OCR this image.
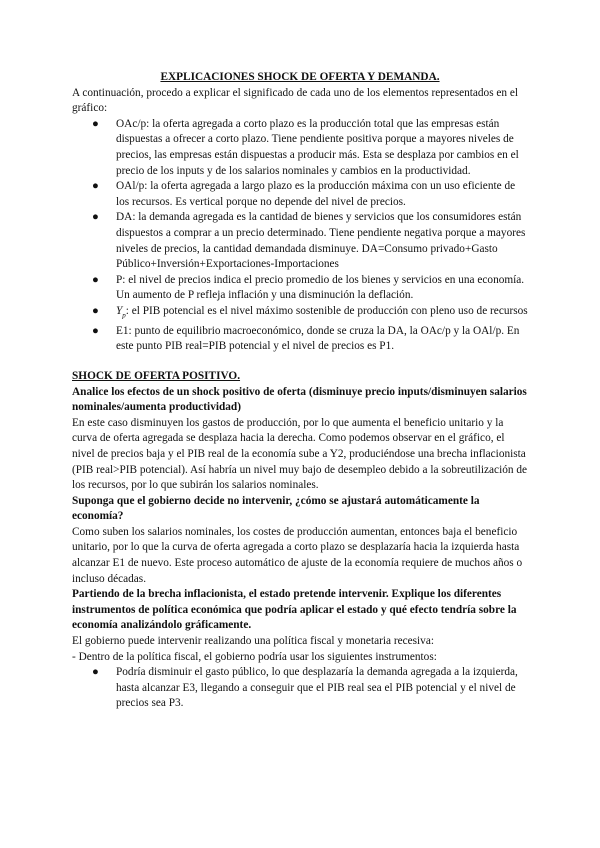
EXPLICACIONES SHOCK DE OFERTA Y DEMANDA.

A continuación, procedo a explicar el significado de cada uno de los elementos representados en el gráfico:

● OAc/p: la oferta agregada a corto plazo es la producción total que las empresas están dispuestas a ofrecer a corto plazo. Tiene pendiente positiva porque a mayores niveles de precios, las empresas están dispuestas a producir más. Esta se desplaza por cambios en el precio de los inputs y de los salarios nominales y cambios en la productividad.
● OAl/p: la oferta agregada a largo plazo es la producción máxima con un uso eficiente de los recursos. Es vertical porque no depende del nivel de precios.
● DA: la demanda agregada es la cantidad de bienes y servicios que los consumidores están dispuestos a comprar a un precio determinado. Tiene pendiente negativa porque a mayores niveles de precios, la cantidad demandada disminuye. DA=Consumo privado+Gasto Público+Inversión+Exportaciones-Importaciones
● P: el nivel de precios indica el precio promedio de los bienes y servicios en una economía. Un aumento de P refleja inflación y una disminución la deflación.
● $Y_p$: el PIB potencial es el nivel máximo sostenible de producción con pleno uso de recursos
● E1: punto de equilibrio macroeconómico, donde se cruza la DA, la OAc/p y la OAl/p. En este punto PIB real=PIB potencial y el nivel de precios es P1.

SHOCK DE OFERTA POSITIVO.

Analice los efectos de un shock positivo de oferta (disminuye precio inputs/disminuyen salarios nominales/aumenta productividad)

En este caso disminuyen los gastos de producción, por lo que aumenta el beneficio unitario y la curva de oferta agregada se desplaza hacia la derecha. Como podemos observar en el gráfico, el nivel de precios baja y el PIB real de la economía sube a Y2, produciéndose una brecha inflacionista (PIB real>PIB potencial). Así habría un nivel muy bajo de desempleo debido a la sobreutilización de los recursos, por lo que subirán los salarios nominales.

Suponga que el gobierno decide no intervenir, ¿cómo se ajustará automáticamente la economía?

Como suben los salarios nominales, los costes de producción aumentan, entonces baja el beneficio unitario, por lo que la curva de oferta agregada a corto plazo se desplazaría hacia la izquierda hasta alcanzar E1 de nuevo. Este proceso automático de ajuste de la economía requiere de muchos años o incluso décadas.

Partiendo de la brecha inflacionista, el estado pretende intervenir. Explique los diferentes instrumentos de política económica que podría aplicar el estado y qué efecto tendría sobre la economía analizándolo gráficamente.

El gobierno puede intervenir realizando una política fiscal y monetaria recesiva:

- Dentro de la política fiscal, el gobierno podría usar los siguientes instrumentos:

● Podría disminuir el gasto público, lo que desplazaría la demanda agregada a la izquierda, hasta alcanzar E3, llegando a conseguir que el PIB real sea el PIB potencial y el nivel de precios sea P3.
